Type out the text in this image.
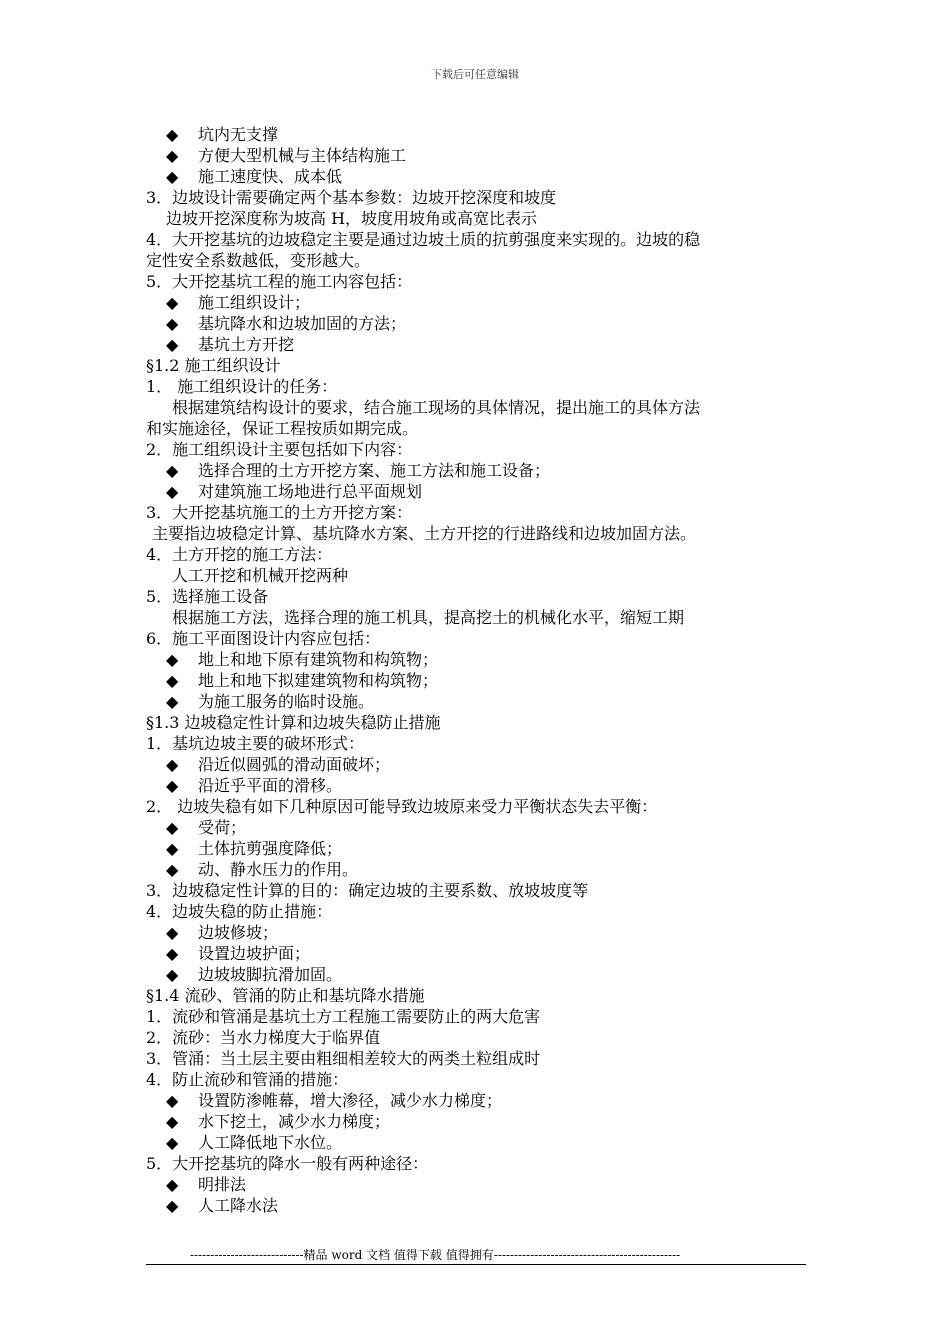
下载后可任意编辑
◆ 坑内无支撑
◆ 方便大型机械与主体结构施工
◆ 施工速度快、成本低
3．边坡设计需要确定两个基本参数：边坡开挖深度和坡度
边坡开挖深度称为坡高 H，坡度用坡角或高宽比表示
4．大开挖基坑的边坡稳定主要是通过边坡土质的抗剪强度来实现的。边坡的稳
定性安全系数越低，变形越大。
5．大开挖基坑工程的施工内容包括：
◆ 施工组织设计；
◆ 基坑降水和边坡加固的方法；
◆ 基坑土方开挖
§1.2 施工组织设计
1． 施工组织设计的任务：
根据建筑结构设计的要求，结合施工现场的具体情况，提出施工的具体方法
和实施途径，保证工程按质如期完成。
2．施工组织设计主要包括如下内容：
◆ 选择合理的土方开挖方案、施工方法和施工设备；
◆ 对建筑施工场地进行总平面规划
3．大开挖基坑施工的土方开挖方案：
主要指边坡稳定计算、基坑降水方案、土方开挖的行进路线和边坡加固方法。
4．土方开挖的施工方法：
人工开挖和机械开挖两种
5．选择施工设备
根据施工方法，选择合理的施工机具，提高挖土的机械化水平，缩短工期
6．施工平面图设计内容应包括：
◆ 地上和地下原有建筑物和构筑物；
◆ 地上和地下拟建建筑物和构筑物；
◆ 为施工服务的临时设施。
§1.3 边坡稳定性计算和边坡失稳防止措施
1．基坑边坡主要的破坏形式：
◆ 沿近似圆弧的滑动面破坏；
◆ 沿近乎平面的滑移。
2． 边坡失稳有如下几种原因可能导致边坡原来受力平衡状态失去平衡：
◆ 受荷；
◆ 土体抗剪强度降低；
◆ 动、静水压力的作用。
3．边坡稳定性计算的目的：确定边坡的主要系数、放坡坡度等
4．边坡失稳的防止措施：
◆ 边坡修坡；
◆ 设置边坡护面；
◆ 边坡坡脚抗滑加固。
§1.4 流砂、管涌的防止和基坑降水措施
1．流砂和管涌是基坑土方工程施工需要防止的两大危害
2．流砂：当水力梯度大于临界值
3．管涌：当土层主要由粗细相差较大的两类土粒组成时
4．防止流砂和管涌的措施：
◆ 设置防渗帷幕，增大渗径，减少水力梯度；
◆ 水下挖土，减少水力梯度；
◆ 人工降低地下水位。
5．大开挖基坑的降水一般有两种途径：
◆ 明排法
◆ 人工降水法
----------------------------精品 word 文档 值得下载 值得拥有----------------------------------------------
